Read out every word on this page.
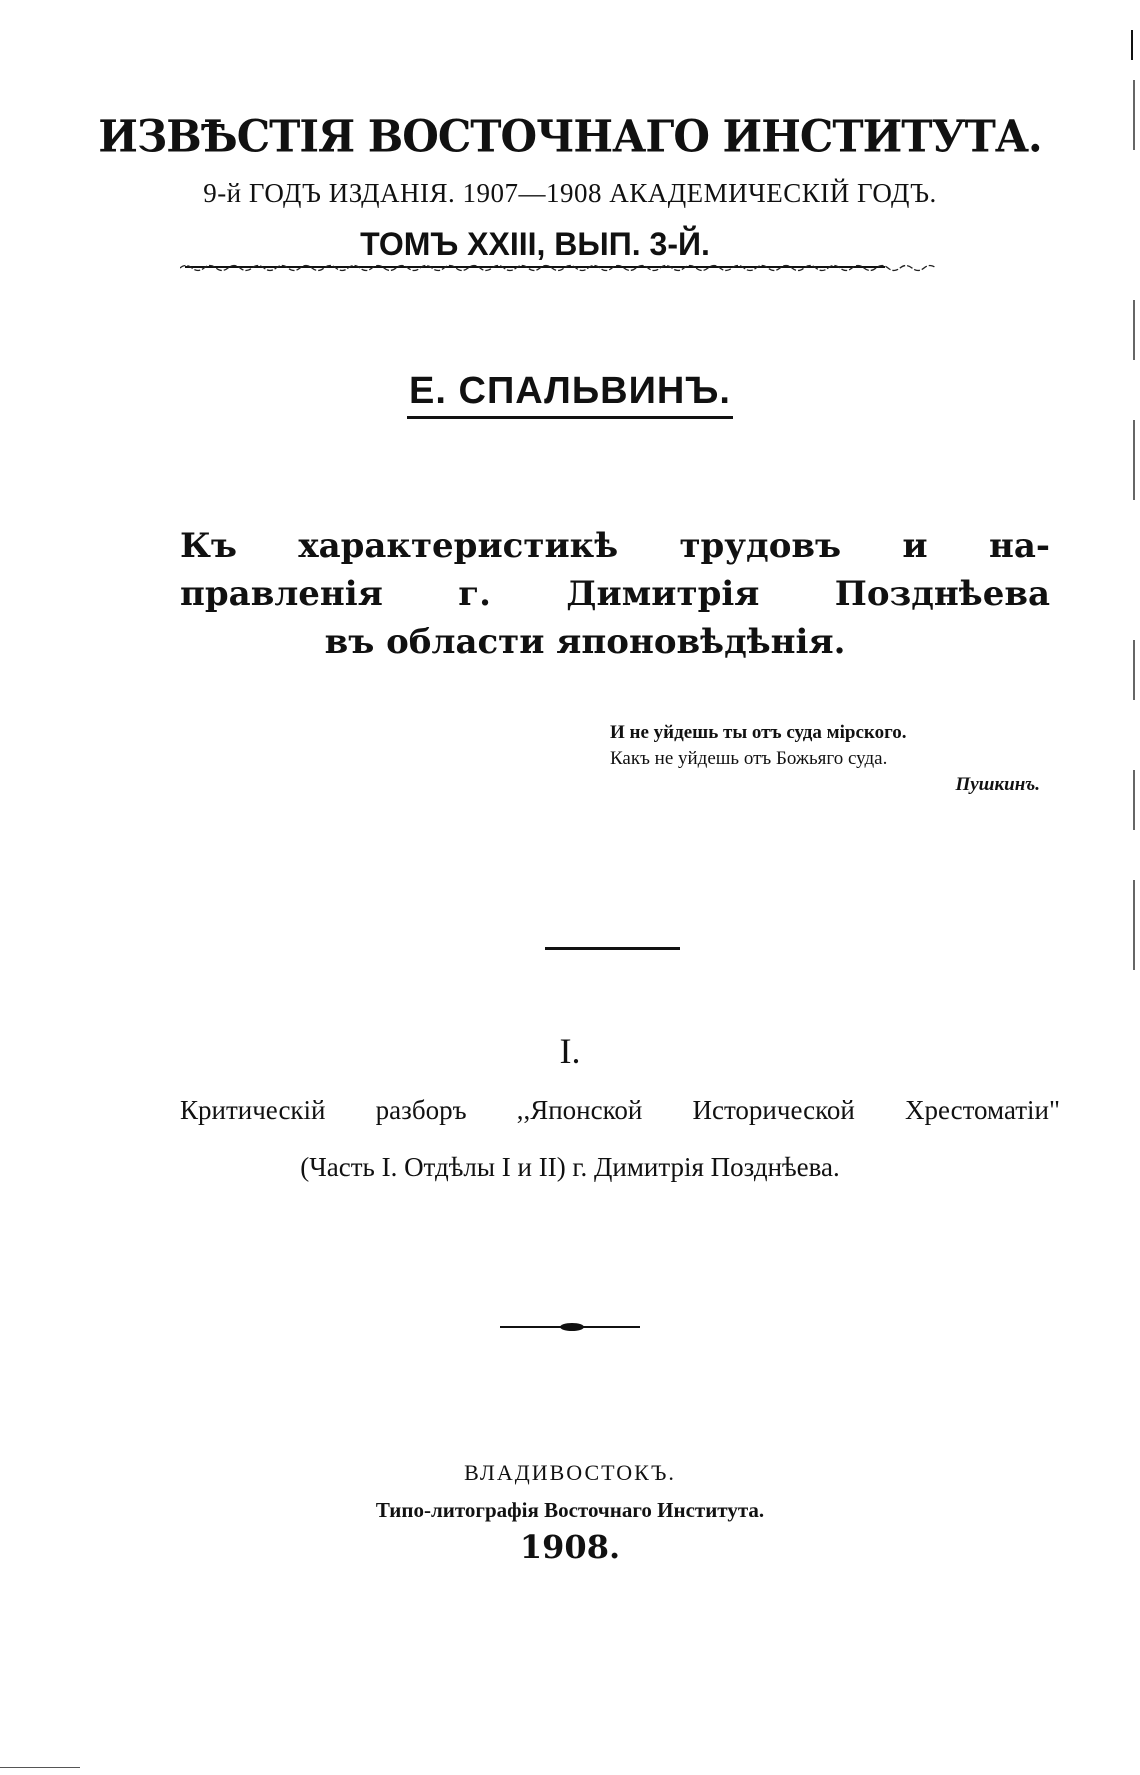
ИЗВѢСТІЯ ВОСТОЧНАГО ИНСТИТУТА.
9-й ГОДЪ ИЗДАНІЯ. 1907—1908 АКАДЕМИЧЕСКІЙ ГОДЪ.
ТОМЪ XXIII, ВЫП. 3-Й.
Е. СПАЛЬВИНЪ.
Къ характеристикѣ трудовъ и на-
правленія г. Димитрія Позднѣева
въ области японовѣдѣнія.
И не уйдешь ты отъ суда мірского.
Какъ не уйдешь отъ Божьяго суда.
Пушкинъ.
I.
Критическій разборъ ,,Японской Исторической Хрестоматіи"
(Часть I. Отдѣлы I и II) г. Димитрія Позднѣева.
ВЛАДИВОСТОКЪ.
Типо-литографія Восточнаго Института.
1908.
